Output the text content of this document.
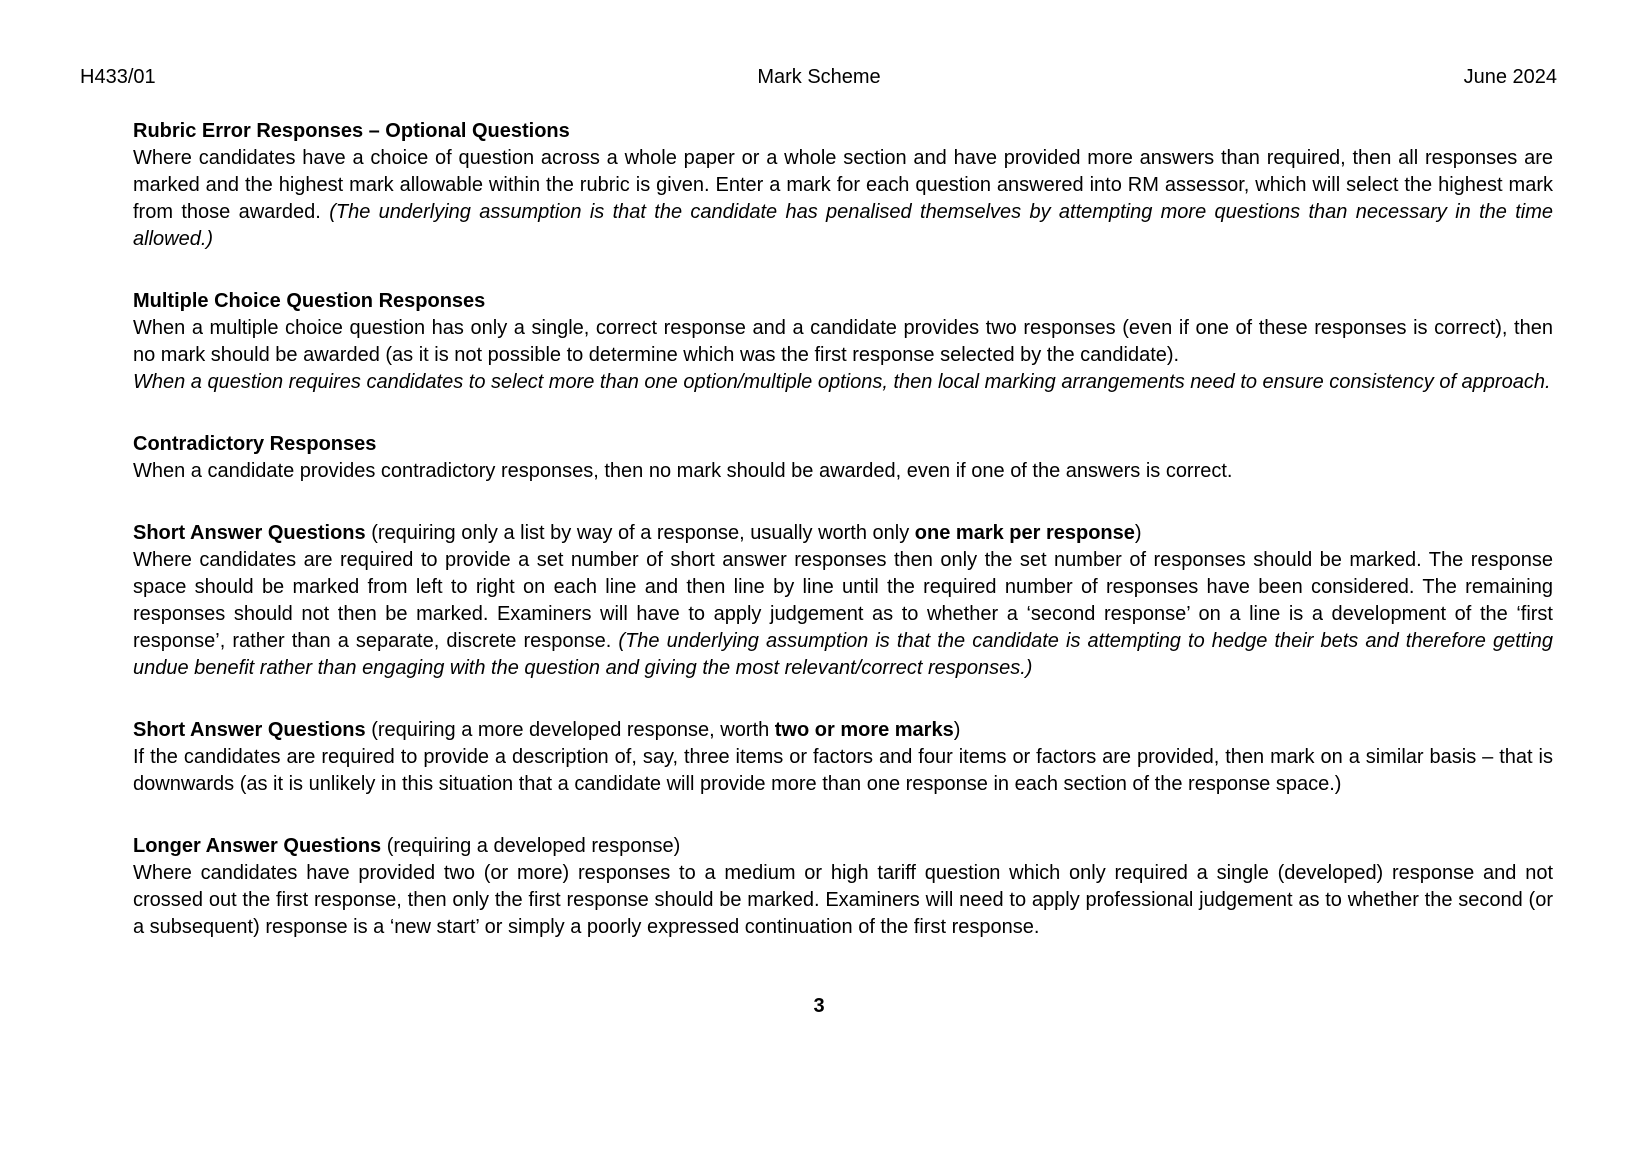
H433/01	Mark Scheme	June 2024

Rubric Error Responses – Optional Questions

Where candidates have a choice of question across a whole paper or a whole section and have provided more answers than required, then all responses are marked and the highest mark allowable within the rubric is given. Enter a mark for each question answered into RM assessor, which will select the highest mark from those awarded. (The underlying assumption is that the candidate has penalised themselves by attempting more questions than necessary in the time allowed.)

Multiple Choice Question Responses

When a multiple choice question has only a single, correct response and a candidate provides two responses (even if one of these responses is correct), then no mark should be awarded (as it is not possible to determine which was the first response selected by the candidate).

When a question requires candidates to select more than one option/multiple options, then local marking arrangements need to ensure consistency of approach.

Contradictory Responses

When a candidate provides contradictory responses, then no mark should be awarded, even if one of the answers is correct.

Short Answer Questions (requiring only a list by way of a response, usually worth only one mark per response)

Where candidates are required to provide a set number of short answer responses then only the set number of responses should be marked. The response space should be marked from left to right on each line and then line by line until the required number of responses have been considered. The remaining responses should not then be marked. Examiners will have to apply judgement as to whether a ‘second response’ on a line is a development of the ‘first response’, rather than a separate, discrete response. (The underlying assumption is that the candidate is attempting to hedge their bets and therefore getting undue benefit rather than engaging with the question and giving the most relevant/correct responses.)

Short Answer Questions (requiring a more developed response, worth two or more marks)

If the candidates are required to provide a description of, say, three items or factors and four items or factors are provided, then mark on a similar basis – that is downwards (as it is unlikely in this situation that a candidate will provide more than one response in each section of the response space.)

Longer Answer Questions (requiring a developed response)

Where candidates have provided two (or more) responses to a medium or high tariff question which only required a single (developed) response and not crossed out the first response, then only the first response should be marked. Examiners will need to apply professional judgement as to whether the second (or a subsequent) response is a ‘new start’ or simply a poorly expressed continuation of the first response.

3
